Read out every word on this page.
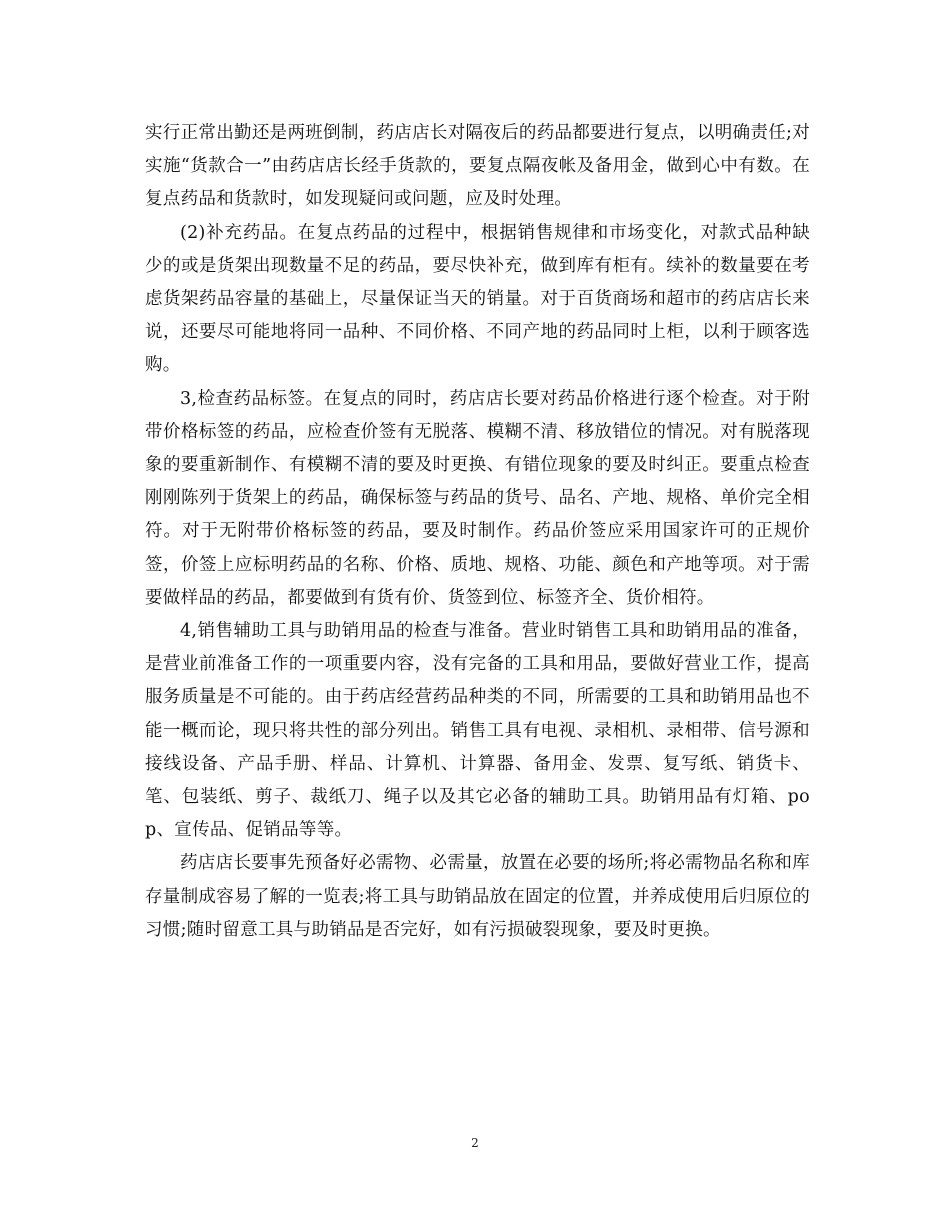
实行正常出勤还是两班倒制，药店店长对隔夜后的药品都要进行复点，以明确责任;对实施“货款合一”由药店店长经手货款的，要复点隔夜帐及备用金，做到心中有数。在复点药品和货款时，如发现疑问或问题，应及时处理。

(2)补充药品。在复点药品的过程中，根据销售规律和市场变化，对款式品种缺少的或是货架出现数量不足的药品，要尽快补充，做到库有柜有。续补的数量要在考虑货架药品容量的基础上，尽量保证当天的销量。对于百货商场和超市的药店店长来说，还要尽可能地将同一品种、不同价格、不同产地的药品同时上柜，以利于顾客选购。

3,检查药品标签。在复点的同时，药店店长要对药品价格进行逐个检查。对于附带价格标签的药品，应检查价签有无脱落、模糊不清、移放错位的情况。对有脱落现象的要重新制作、有模糊不清的要及时更换、有错位现象的要及时纠正。要重点检查刚刚陈列于货架上的药品，确保标签与药品的货号、品名、产地、规格、单价完全相符。对于无附带价格标签的药品，要及时制作。药品价签应采用国家许可的正规价签，价签上应标明药品的名称、价格、质地、规格、功能、颜色和产地等项。对于需要做样品的药品，都要做到有货有价、货签到位、标签齐全、货价相符。

4,销售辅助工具与助销用品的检查与准备。营业时销售工具和助销用品的准备，是营业前准备工作的一项重要内容，没有完备的工具和用品，要做好营业工作，提高服务质量是不可能的。由于药店经营药品种类的不同，所需要的工具和助销用品也不能一概而论，现只将共性的部分列出。销售工具有电视、录相机、录相带、信号源和接线设备、产品手册、样品、计算机、计算器、备用金、发票、复写纸、销货卡、笔、包装纸、剪子、裁纸刀、绳子以及其它必备的辅助工具。助销用品有灯箱、pop、宣传品、促销品等等。

药店店长要事先预备好必需物、必需量，放置在必要的场所;将必需物品名称和库存量制成容易了解的一览表;将工具与助销品放在固定的位置，并养成使用后归原位的习惯;随时留意工具与助销品是否完好，如有污损破裂现象，要及时更换。

2
